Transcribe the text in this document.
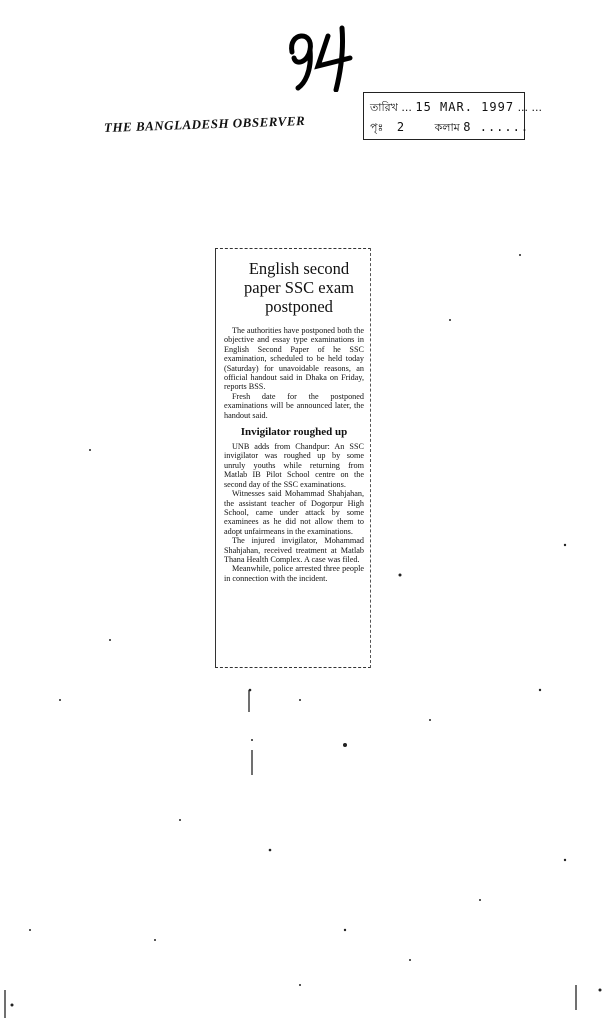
34
THE BANGLADESH OBSERVER
তারিখ ... 15 MAR. 1997 ... ...
পৃঃ 2	কলাম 8 ......
English second paper SSC exam postponed

The authorities have postponed both the objective and essay type examinations in English Second Paper of he SSC examination, scheduled to be held today (Saturday) for unavoidable reasons, an official handout said in Dhaka on Friday, reports BSS.

Fresh date for the postponed examinations will be announced later, the handout said.

Invigilator roughed up

UNB adds from Chandpur: An SSC invigilator was roughed up by some unruly youths while returning from Matlab IB Pilot School centre on the second day of the SSC examinations.

Witnesses said Mohammad Shahjahan, the assistant teacher of Dogorpur High School, came under attack by some examinees as he did not allow them to adopt unfairmeans in the examinations.

The injured invigilator, Mohammad Shahjahan, received treatment at Matlab Thana Health Complex. A case was filed.

Meanwhile, police arrested three people in connection with the incident.
